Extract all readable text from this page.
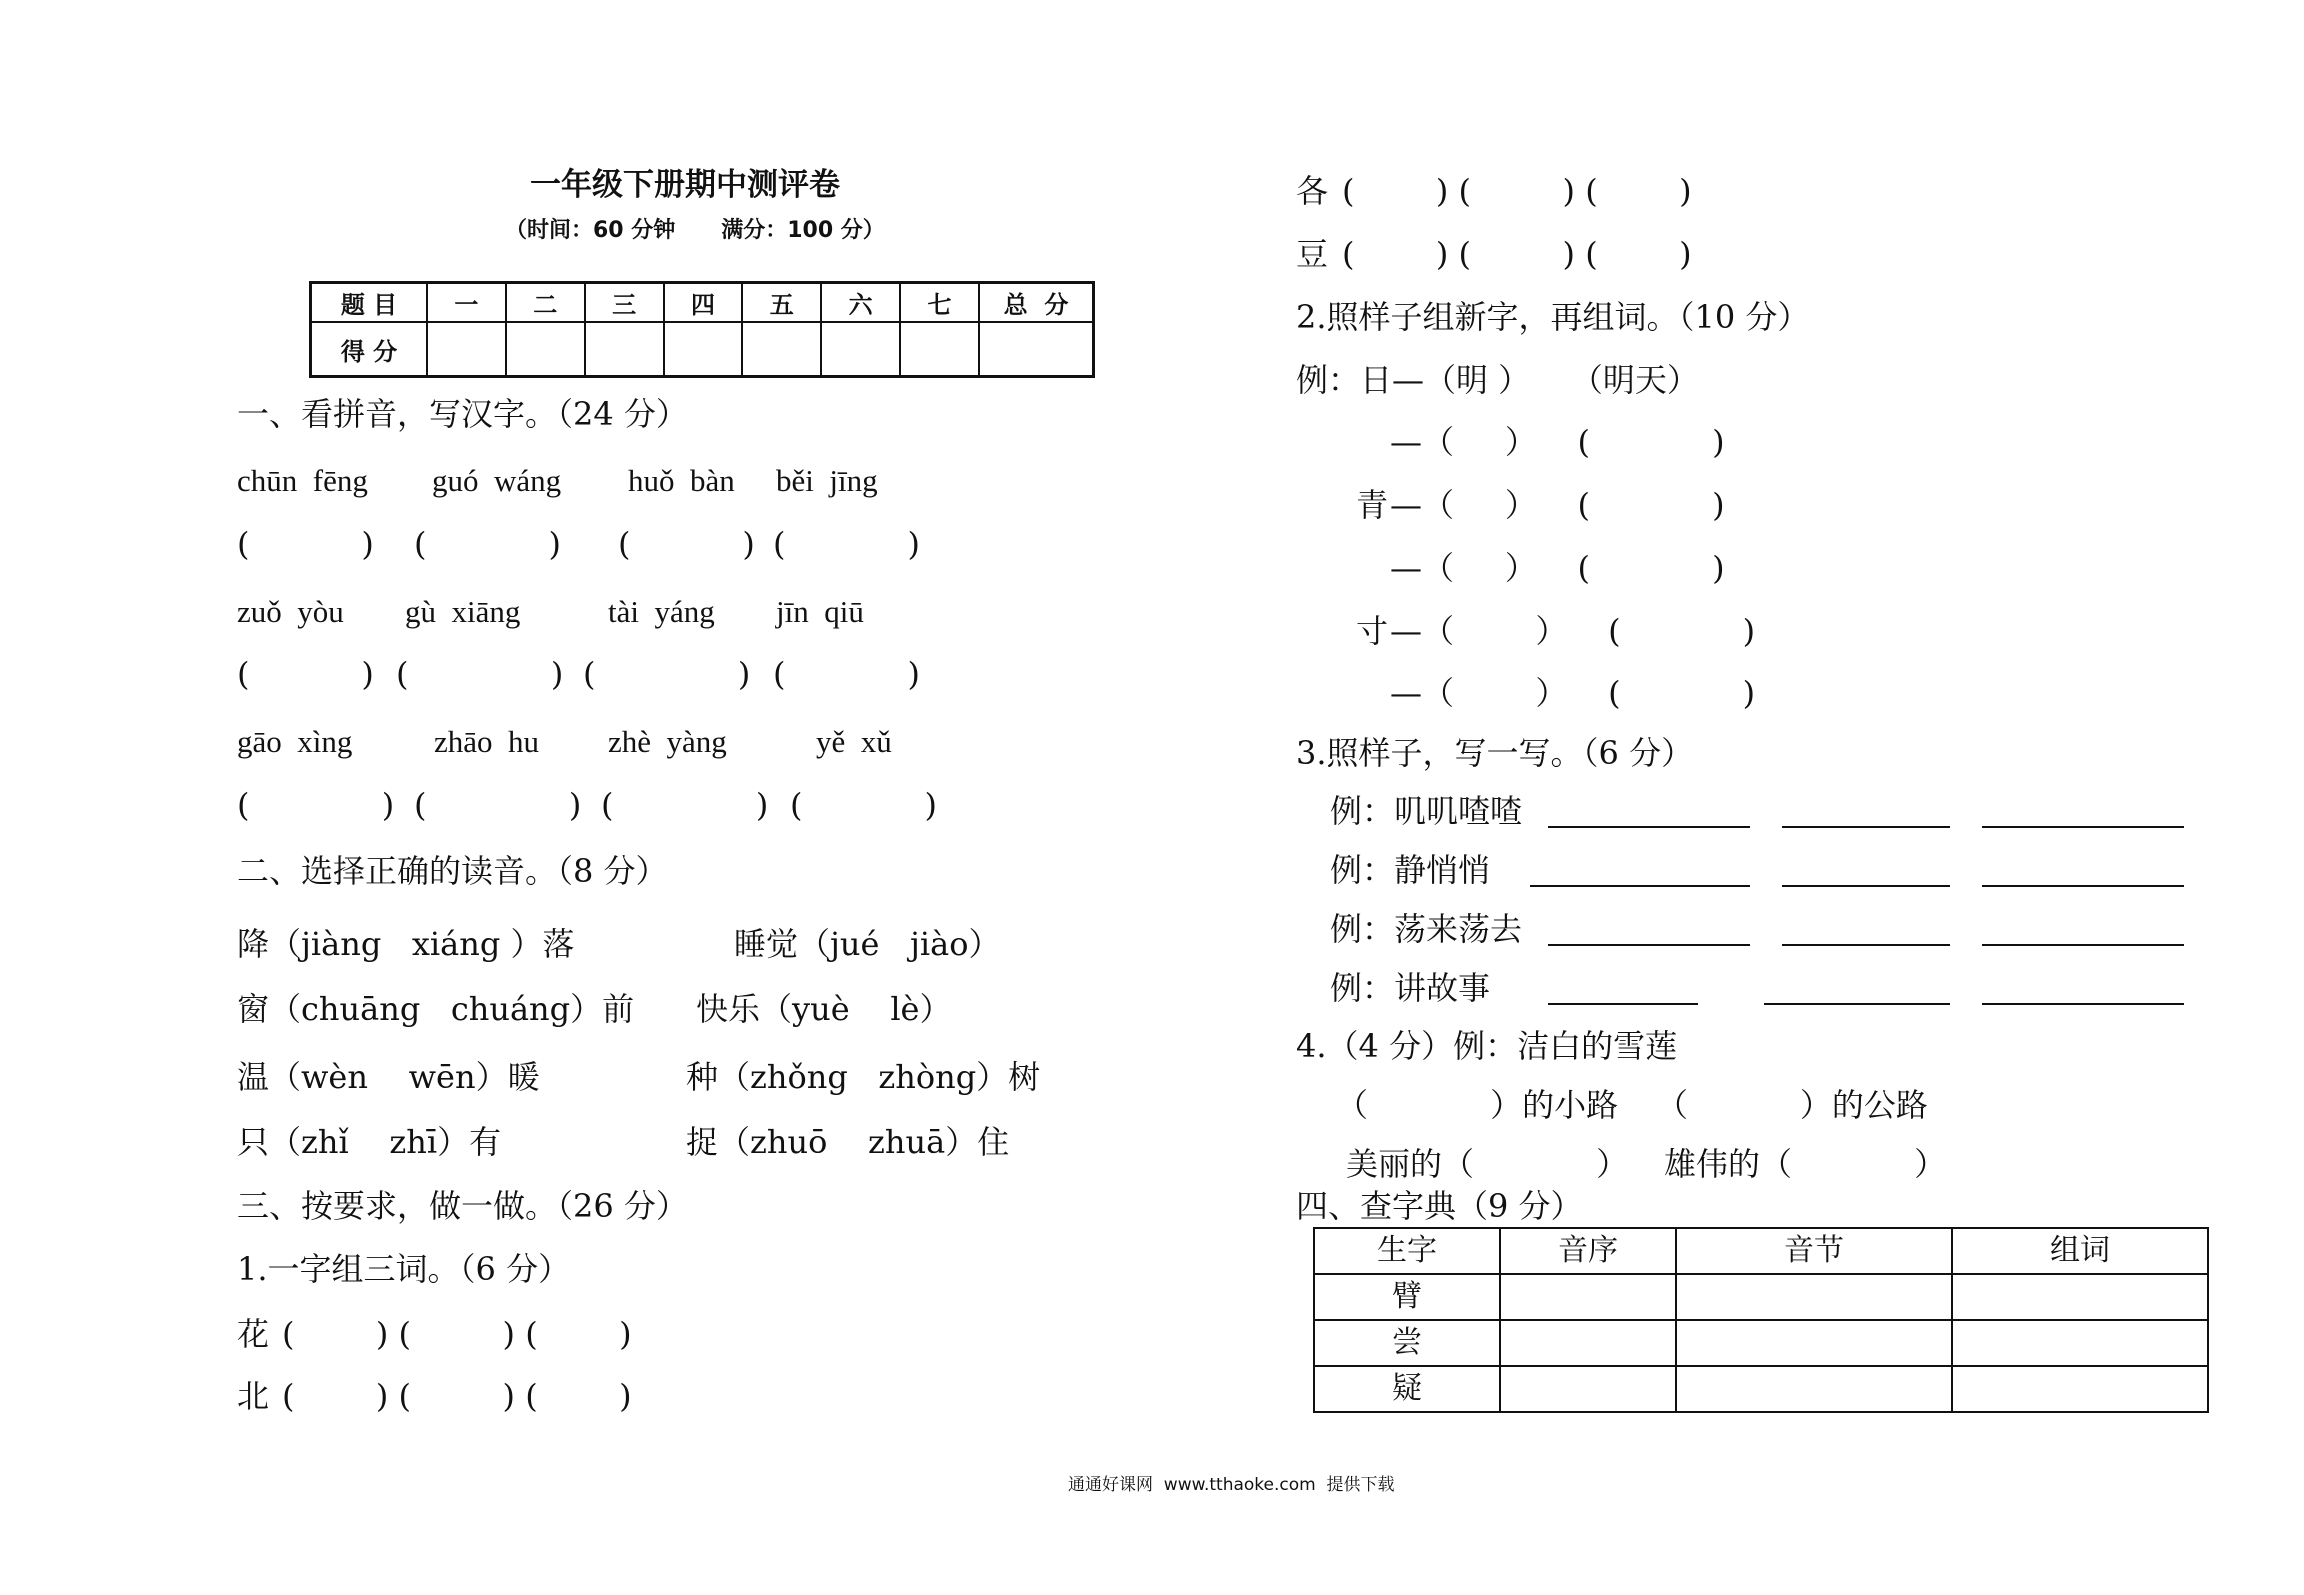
一年级下册期中测评卷
（时间：60 分钟      满分：100 分）
题 目	一	二	三	四	五	六	七	总  分
得 分								
一、看拼音，写汉字。（24 分）
chūn  fēng guó  wáng huǒ  bàn běi  jīng
(           ) (            ) (           ) (            )
zuǒ  yòu gù  xiāng	tài  yáng jīn  qiū
(           ) (              ) (              ) (            )
gāo  xìng	zhāo  hu zhè  yàng	yě  xǔ
(             ) (              ) (              ) (            )
二、选择正确的读音。（8 分）
降（jiàng   xiáng ）落	睡觉（jué   jiào）
窗（chuāng   chuáng）前 快乐（yuè    lè）
温（wèn    wēn）暖	种（zhǒng   zhòng）树
只（zhǐ    zhī）有	捉（zhuō    zhuā）住
三、按要求，做一做。（26 分）
1.一字组三词。（6 分）
花 (        ) (         ) (        )
北 (        ) (         ) (        )
各 (        ) (         ) (        )
豆 (        ) (         ) (        )
2.照样子组新字，再组词。（10 分）
例：日—（明 ）    （明天）
—（     ）    (            )
青 —（     ）    (            )
—（     ）    (            )
寸 —（        ）    (            )
—（        ）    (            )
3.照样子，写一写。（6 分）
例：叽叽喳喳
例：静悄悄
例：荡来荡去
例：讲故事
4.（4 分）例：洁白的雪莲
（            ）的小路 （           ）的公路
美丽的（            ） 雄伟的（            ）
四、查字典（9 分）
生字	音序	音节	组词
臂			
尝			
疑			
通通好课网  www.tthaoke.com  提供下载
